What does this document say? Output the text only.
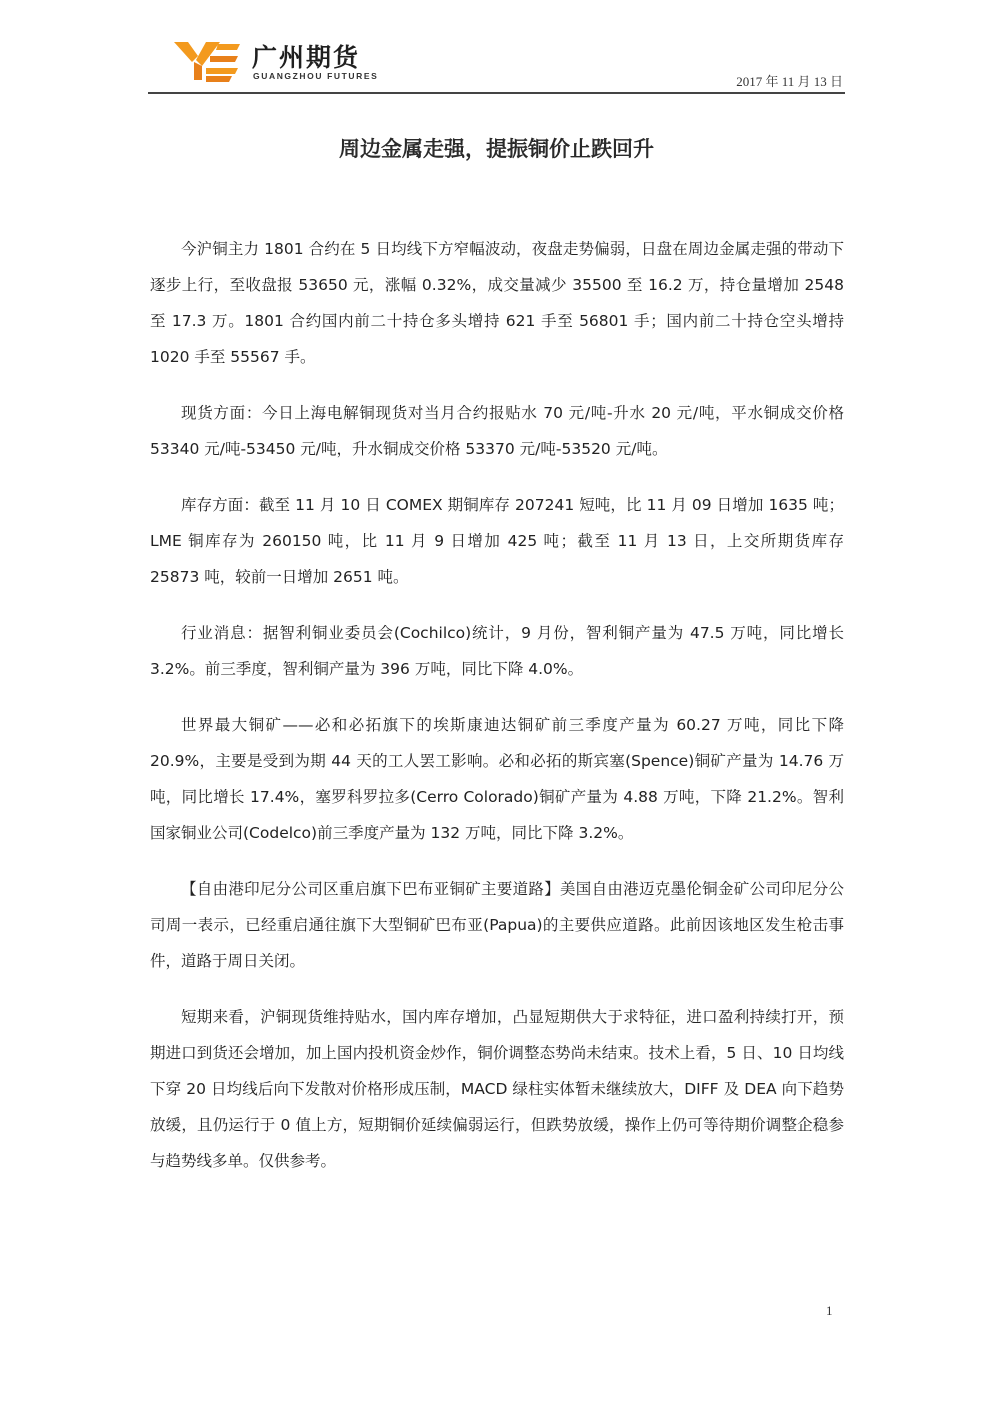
广州期货
GUANGZHOU FUTURES	2017 年 11 月 13 日
周边金属走强，提振铜价止跌回升

今沪铜主力 1801 合约在 5 日均线下方窄幅波动，夜盘走势偏弱，日盘在周边金属走强的带动下逐步上行，至收盘报 53650 元，涨幅 0.32%，成交量减少 35500 至 16.2 万，持仓量增加 2548 至 17.3 万。1801 合约国内前二十持仓多头增持 621 手至 56801 手；国内前二十持仓空头增持 1020 手至 55567 手。

现货方面：今日上海电解铜现货对当月合约报贴水 70 元/吨-升水 20 元/吨，平水铜成交价格 53340 元/吨-53450 元/吨，升水铜成交价格 53370 元/吨-53520 元/吨。

库存方面：截至 11 月 10 日 COMEX 期铜库存 207241 短吨，比 11 月 09 日增加 1635 吨；LME 铜库存为 260150 吨，比 11 月 9 日增加 425 吨；截至 11 月 13 日，上交所期货库存 25873 吨，较前一日增加 2651 吨。

行业消息：据智利铜业委员会(Cochilco)统计，9 月份，智利铜产量为 47.5 万吨，同比增长 3.2%。前三季度，智利铜产量为 396 万吨，同比下降 4.0%。

世界最大铜矿——必和必拓旗下的埃斯康迪达铜矿前三季度产量为 60.27 万吨，同比下降 20.9%，主要是受到为期 44 天的工人罢工影响。必和必拓的斯宾塞(Spence)铜矿产量为 14.76 万吨，同比增长 17.4%，塞罗科罗拉多(Cerro Colorado)铜矿产量为 4.88 万吨，下降 21.2%。智利国家铜业公司(Codelco)前三季度产量为 132 万吨，同比下降 3.2%。

【自由港印尼分公司区重启旗下巴布亚铜矿主要道路】美国自由港迈克墨伦铜金矿公司印尼分公司周一表示，已经重启通往旗下大型铜矿巴布亚(Papua)的主要供应道路。此前因该地区发生枪击事件，道路于周日关闭。

短期来看，沪铜现货维持贴水，国内库存增加，凸显短期供大于求特征，进口盈利持续打开，预期进口到货还会增加，加上国内投机资金炒作，铜价调整态势尚未结束。技术上看，5 日、10 日均线下穿 20 日均线后向下发散对价格形成压制，MACD 绿柱实体暂未继续放大，DIFF 及 DEA 向下趋势放缓，且仍运行于 0 值上方，短期铜价延续偏弱运行，但跌势放缓，操作上仍可等待期价调整企稳参与趋势线多单。仅供参考。

1
